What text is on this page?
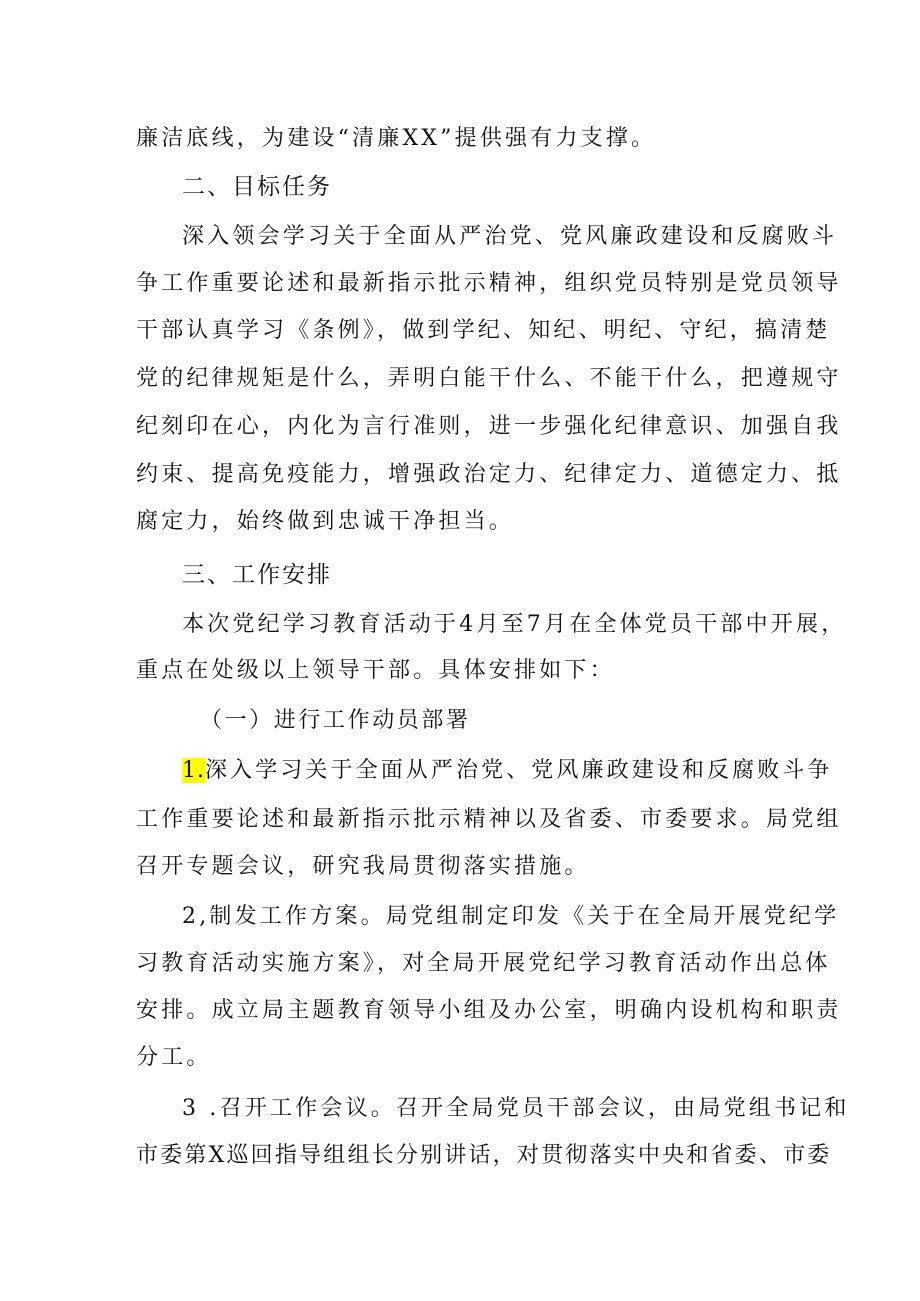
廉洁底线，为建设“清廉XX”提供强有力支撑。
二、目标任务
深入领会学习关于全面从严治党、党风廉政建设和反腐败斗
争工作重要论述和最新指示批示精神，组织党员特别是党员领导
干部认真学习《条例》，做到学纪、知纪、明纪、守纪，搞清楚
党的纪律规矩是什么，弄明白能干什么、不能干什么，把遵规守
纪刻印在心，内化为言行准则，进一步强化纪律意识、加强自我
约束、提高免疫能力，增强政治定力、纪律定力、道德定力、抵
腐定力，始终做到忠诚干净担当。
三、工作安排
本次党纪学习教育活动于4月至7月在全体党员干部中开展，
重点在处级以上领导干部。具体安排如下：
（一）进行工作动员部署
1.深入学习关于全面从严治党、党风廉政建设和反腐败斗争
工作重要论述和最新指示批示精神以及省委、市委要求。局党组
召开专题会议，研究我局贯彻落实措施。
2,制发工作方案。局党组制定印发《关于在全局开展党纪学
习教育活动实施方案》，对全局开展党纪学习教育活动作出总体
安排。成立局主题教育领导小组及办公室，明确内设机构和职责
分工。
3 .召开工作会议。召开全局党员干部会议，由局党组书记和
市委第X巡回指导组组长分别讲话，对贯彻落实中央和省委、市委
